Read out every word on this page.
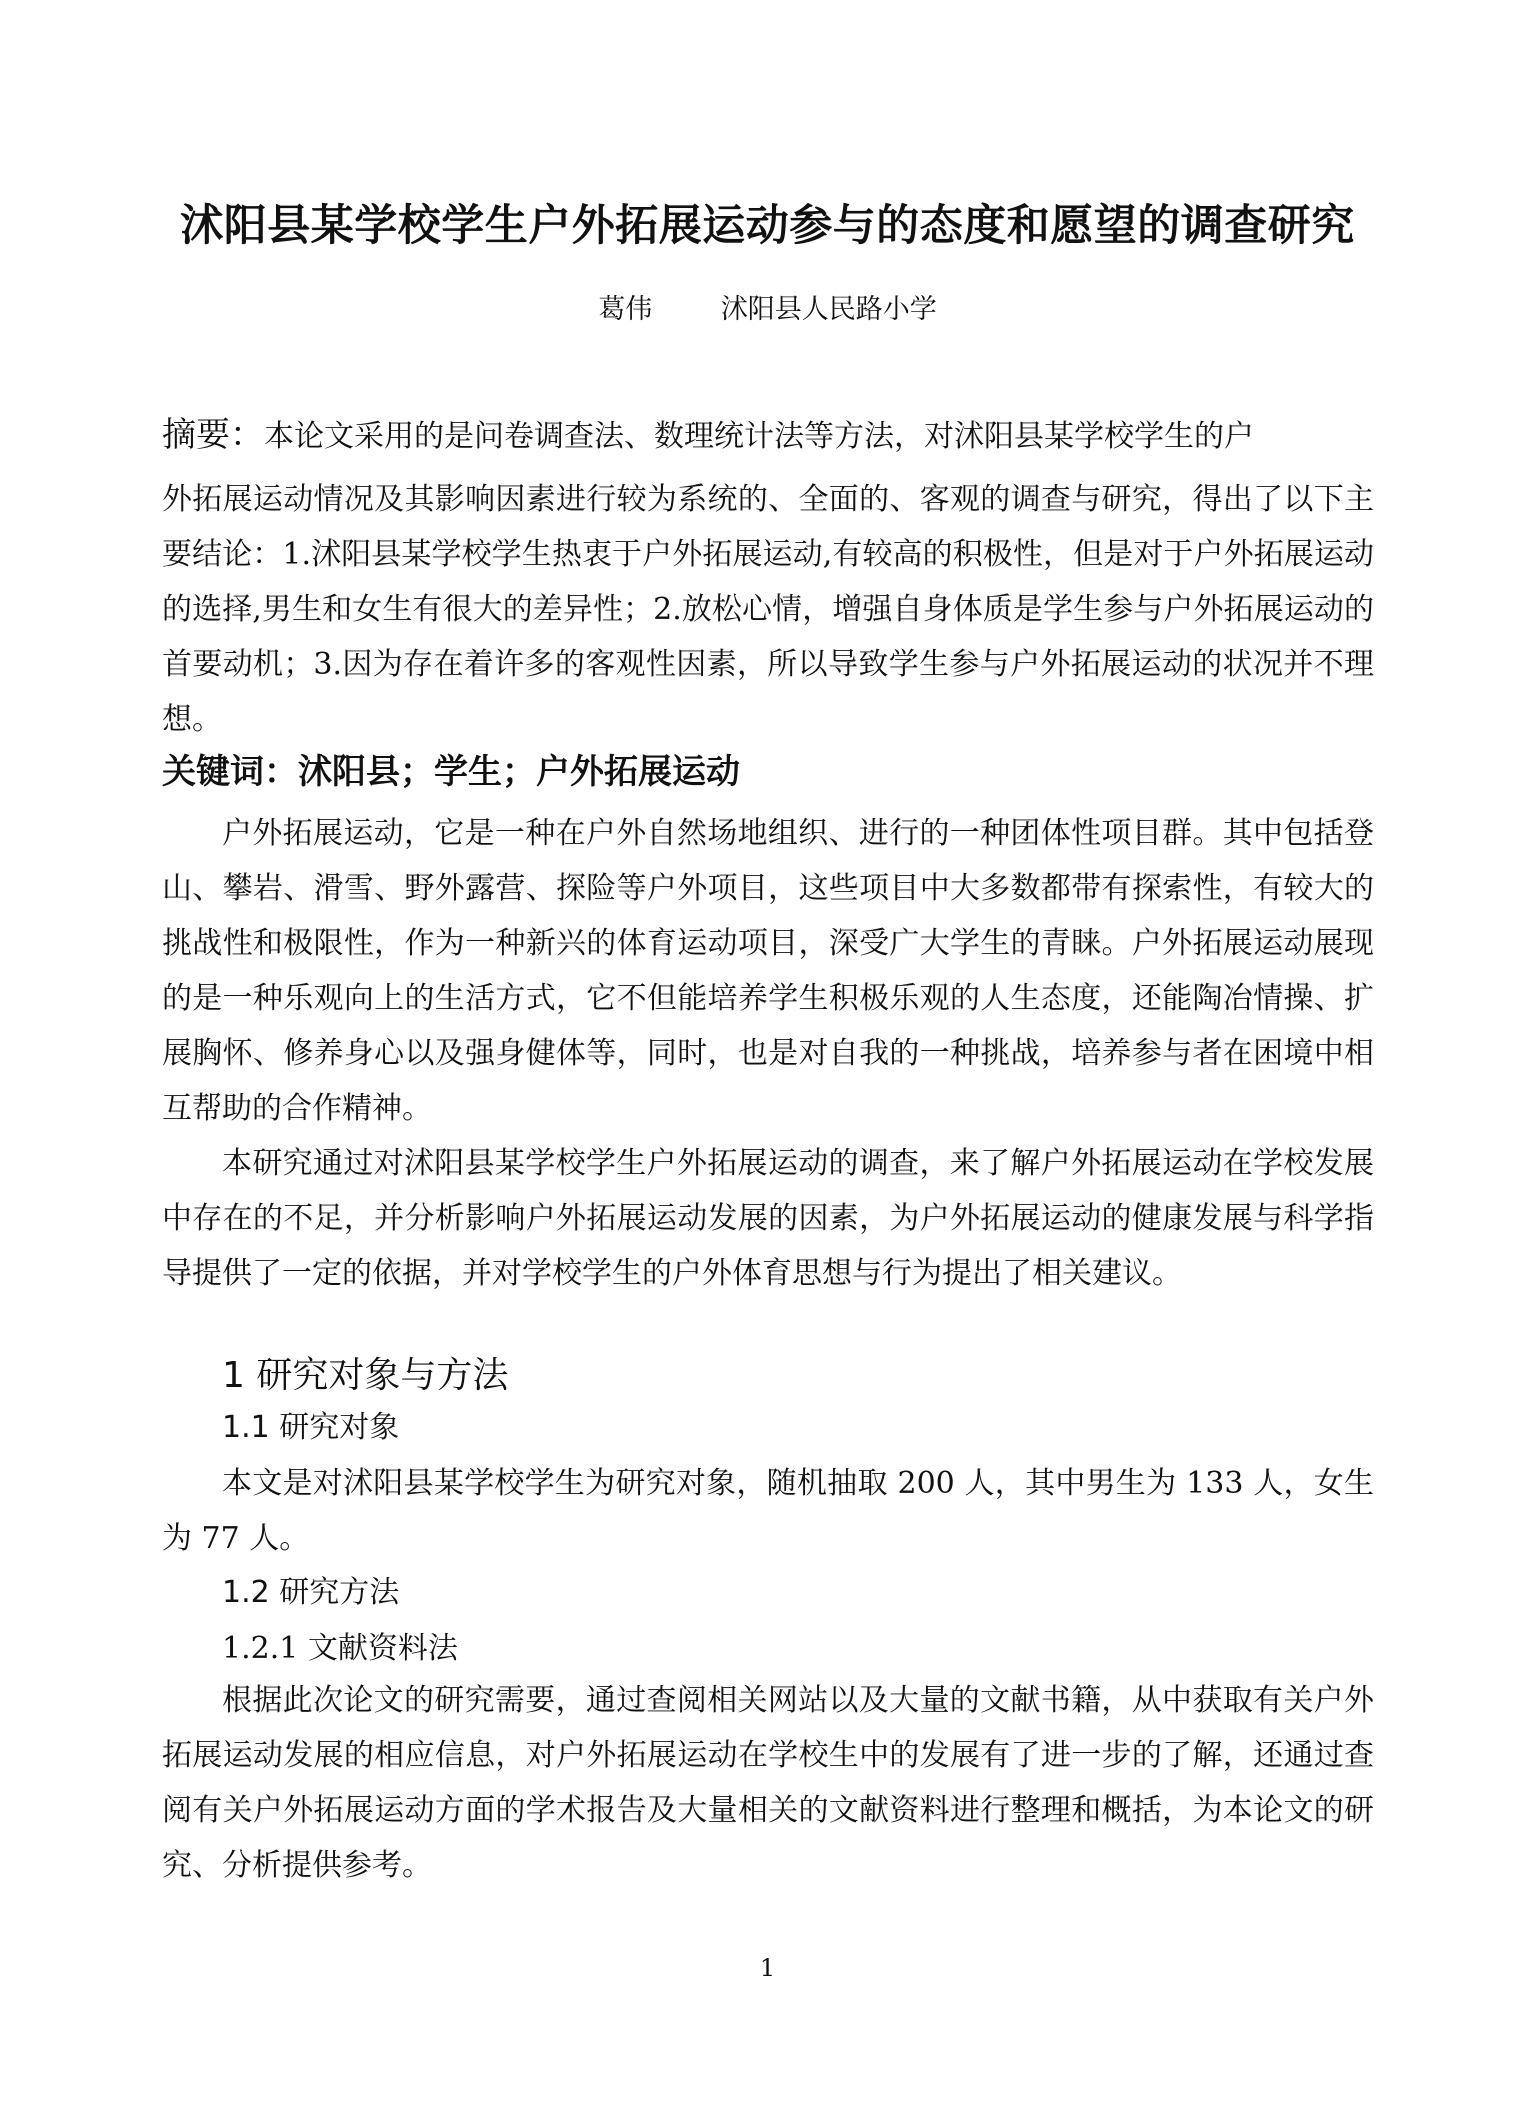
沭阳县某学校学生户外拓展运动参与的态度和愿望的调查研究
葛伟	沭阳县人民路小学
摘要：本论文采用的是问卷调查法、数理统计法等方法，对沭阳县某学校学生的户
外拓展运动情况及其影响因素进行较为系统的、全面的、客观的调查与研究，得出了以下主要结论：1.沭阳县某学校学生热衷于户外拓展运动,有较高的积极性，但是对于户外拓展运动的选择,男生和女生有很大的差异性；2.放松心情，增强自身体质是学生参与户外拓展运动的首要动机；3.因为存在着许多的客观性因素，所以导致学生参与户外拓展运动的状况并不理想。
关键词：沭阳县；学生；户外拓展运动

户外拓展运动，它是一种在户外自然场地组织、进行的一种团体性项目群。其中包括登山、攀岩、滑雪、野外露营、探险等户外项目，这些项目中大多数都带有探索性，有较大的挑战性和极限性，作为一种新兴的体育运动项目，深受广大学生的青睐。户外拓展运动展现的是一种乐观向上的生活方式，它不但能培养学生积极乐观的人生态度，还能陶冶情操、扩展胸怀、修养身心以及强身健体等，同时，也是对自我的一种挑战，培养参与者在困境中相互帮助的合作精神。

本研究通过对沭阳县某学校学生户外拓展运动的调查，来了解户外拓展运动在学校发展中存在的不足，并分析影响户外拓展运动发展的因素，为户外拓展运动的健康发展与科学指导提供了一定的依据，并对学校学生的户外体育思想与行为提出了相关建议。

1 研究对象与方法
1.1 研究对象

本文是对沭阳县某学校学生为研究对象，随机抽取 200 人，其中男生为 133 人，女生为 77 人。

1.2 研究方法
1.2.1 文献资料法

根据此次论文的研究需要，通过查阅相关网站以及大量的文献书籍，从中获取有关户外拓展运动发展的相应信息，对户外拓展运动在学校生中的发展有了进一步的了解，还通过查阅有关户外拓展运动方面的学术报告及大量相关的文献资料进行整理和概括，为本论文的研究、分析提供参考。

1
